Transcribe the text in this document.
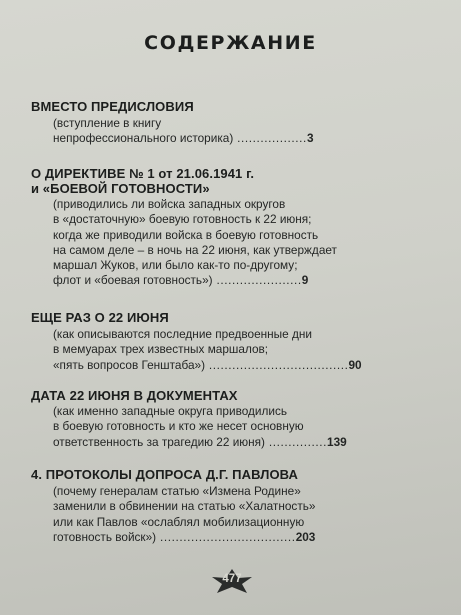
СОДЕРЖАНИЕ
ВМЕСТО ПРЕДИСЛОВИЯ
(вступление в книгу
непрофессионального историка) ..................3
О ДИРЕКТИВЕ № 1 от 21.06.1941 г.
и «БОЕВОЙ ГОТОВНОСТИ»
(приводились ли войска западных округов
в «достаточную» боевую готовность к 22 июня;
когда же приводили войска в боевую готовность
на самом деле – в ночь на 22 июня, как утверждает
маршал Жуков, или было как-то по-другому;
флот и «боевая готовность») ......................9
ЕЩЕ РАЗ О 22 ИЮНЯ
(как описываются последние предвоенные дни
в мемуарах трех известных маршалов;
«пять вопросов Генштаба») ....................................90
ДАТА 22 ИЮНЯ В ДОКУМЕНТАХ
(как именно западные округа приводились
в боевую готовность и кто же несет основную
ответственность за трагедию 22 июня) ...............139
4. ПРОТОКОЛЫ ДОПРОСА Д.Г. ПАВЛОВА
(почему генералам статью «Измена Родине»
заменили в обвинении на статью «Халатность»
или как Павлов «ослаблял мобилизационную
готовность войск») ...................................203
477
